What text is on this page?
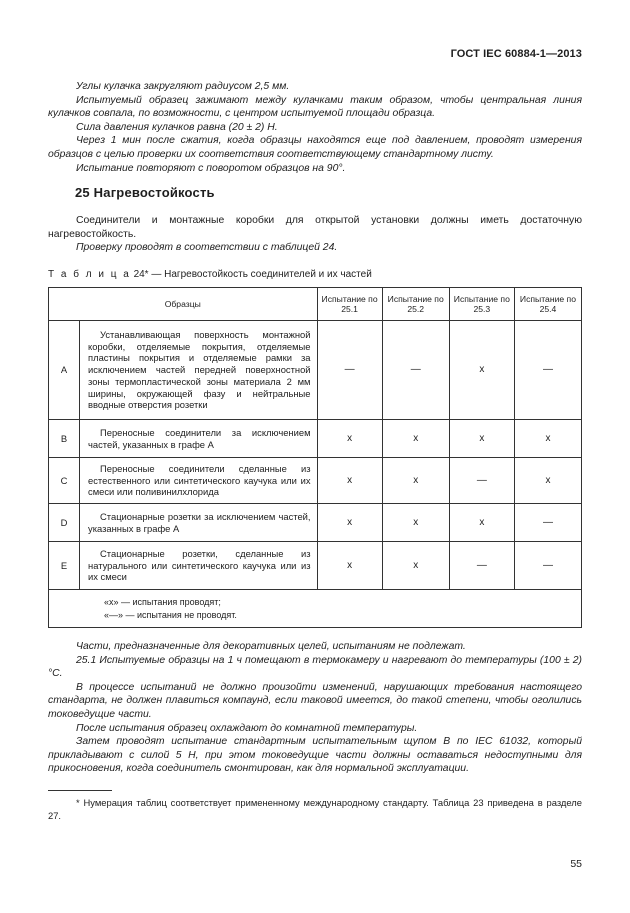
ГОСТ IEC 60884-1—2013

Углы кулачка закругляют радиусом 2,5 мм.

Испытуемый образец зажимают между кулачками таким образом, чтобы центральная линия кулачков совпала, по возможности, с центром испытуемой площади образца.

Сила давления кулачков равна (20 ± 2) Н.

Через 1 мин после сжатия, когда образцы находятся еще под давлением, проводят измерения образцов с целью проверки их соответствия соответствующему стандартному листу.

Испытание повторяют с поворотом образцов на 90°.

25 Нагревостойкость

Соединители и монтажные коробки для открытой установки должны иметь достаточную нагревостойкость.

Проверку проводят в соответствии с таблицей 24.

Т а б л и ц а 24* — Нагревостойкость соединителей и их частей
Образцы		Испытание по 25.1	Испытание по 25.2	Испытание по 25.3	Испытание по 25.4
A	Устанавливающая поверхность монтажной коробки, отделяемые покрытия, отделяемые пластины покрытия и отделяемые рамки за исключением частей передней поверхностной зоны термопластической зоны материала 2 мм ширины, окружающей фазу и нейтральные вводные отверстия розетки	—	—	x	—
B	Переносные соединители за исключением частей, указанных в графе A	x	x	x	x
C	Переносные соединители сделанные из естественного или синтетического каучука или их смеси или поливинилхлорида	x	x	—	x
D	Стационарные розетки за исключением частей, указанных в графе A	x	x	x	—
E	Стационарные розетки, сделанные из натурального или синтетического каучука или из их смеси	x	x	—	—

«x» — испытания проводят;
«—» — испытания не проводят.					

Части, предназначенные для декоративных целей, испытаниям не подлежат.

25.1 Испытуемые образцы на 1 ч помещают в термокамеру и нагревают до температуры (100 ± 2)°С.

В процессе испытаний не должно произойти изменений, нарушающих требования настоящего стандарта, не должен плавиться компаунд, если таковой имеется, до такой степени, чтобы оголились токоведущие части.

После испытания образец охлаждают до комнатной температуры.

Затем проводят испытание стандартным испытательным щупом B по IEC 61032, который прикладывают с силой 5 Н, при этом токоведущие части должны оставаться недоступными для прикосновения, когда соединитель смонтирован, как для нормальной эксплуатации.

* Нумерация таблиц соответствует примененному международному стандарту. Таблица 23 приведена в разделе 27.

55
